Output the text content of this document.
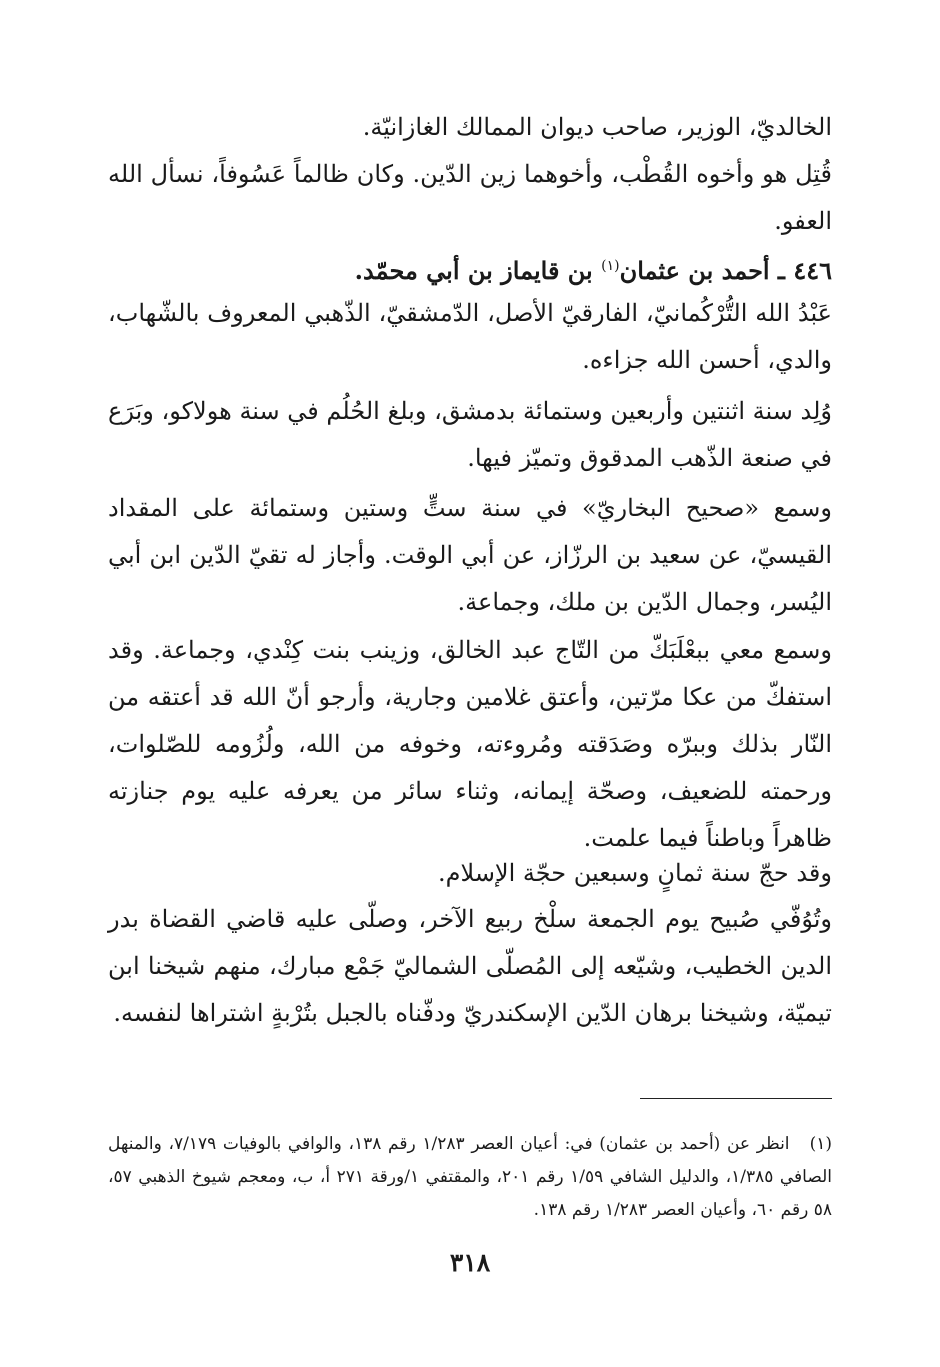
الخالديّ، الوزير، صاحب ديوان الممالك الغازانيّة.

قُتِل هو وأخوه القُطْب، وأخوهما زين الدّين. وكان ظالماً عَسُوفاً، نسأل الله العفو.

٤٤٦ ـ أحمد بن عثمان$^{(١)}$ بن قايماز بن أبي محمّد.

عَبْدُ الله التُّرْكُمانيّ، الفارقيّ الأصل، الدّمشقيّ، الذّهبي المعروف بالشّهاب، والدي، أحسن الله جزاءه.

وُلِد سنة اثنتين وأربعين وستمائة بدمشق، وبلغ الحُلُم في سنة هولاكو، وبَرَع في صنعة الذّهب المدقوق وتميّز فيها.

وسمع «صحيح البخاريّ» في سنة ستٍّ وستين وستمائة على المقداد القيسيّ، عن سعيد بن الرزّاز، عن أبي الوقت. وأجاز له تقيّ الدّين ابن أبي اليُسر، وجمال الدّين بن ملك، وجماعة.

وسمع معي ببعْلَبَكّ من التّاج عبد الخالق، وزينب بنت كِنْدي، وجماعة. وقد استفكّ من عكا مرّتين، وأعتق غلامين وجارية، وأرجو أنّ الله قد أعتقه من النّار بذلك وببرّه وصَدَقته ومُروءته، وخوفه من الله، ولُزُومه للصّلوات، ورحمته للضعيف، وصحّة إيمانه، وثناء سائر من يعرفه عليه يوم جنازته ظاهراً وباطناً فيما علمت.

وقد حجّ سنة ثمانٍ وسبعين حجّة الإسلام.

وتُوُفّي صُبيح يوم الجمعة سلْخ ربيع الآخر، وصلّى عليه قاضي القضاة بدر الدين الخطيب، وشيّعه إلى المُصلّى الشماليّ جَمْع مبارك، منهم شيخنا ابن تيميّة، وشيخنا برهان الدّين الإسكندريّ ودفّناه بالجبل بتُرْبةٍ اشتراها لنفسه.

(١)   انظر عن (أحمد بن عثمان) في: أعيان العصر ١/٢٨٣ رقم ١٣٨، والوافي بالوفيات ٧/١٧٩، والمنهل الصافي ١/٣٨٥، والدليل الشافي ١/٥٩ رقم ٢٠١، والمقتفي ١/ورقة ٢٧١ أ، ب، ومعجم شيوخ الذهبي ٥٧، ٥٨ رقم ٦٠، وأعيان العصر ١/٢٨٣ رقم ١٣٨.

٣١٨
